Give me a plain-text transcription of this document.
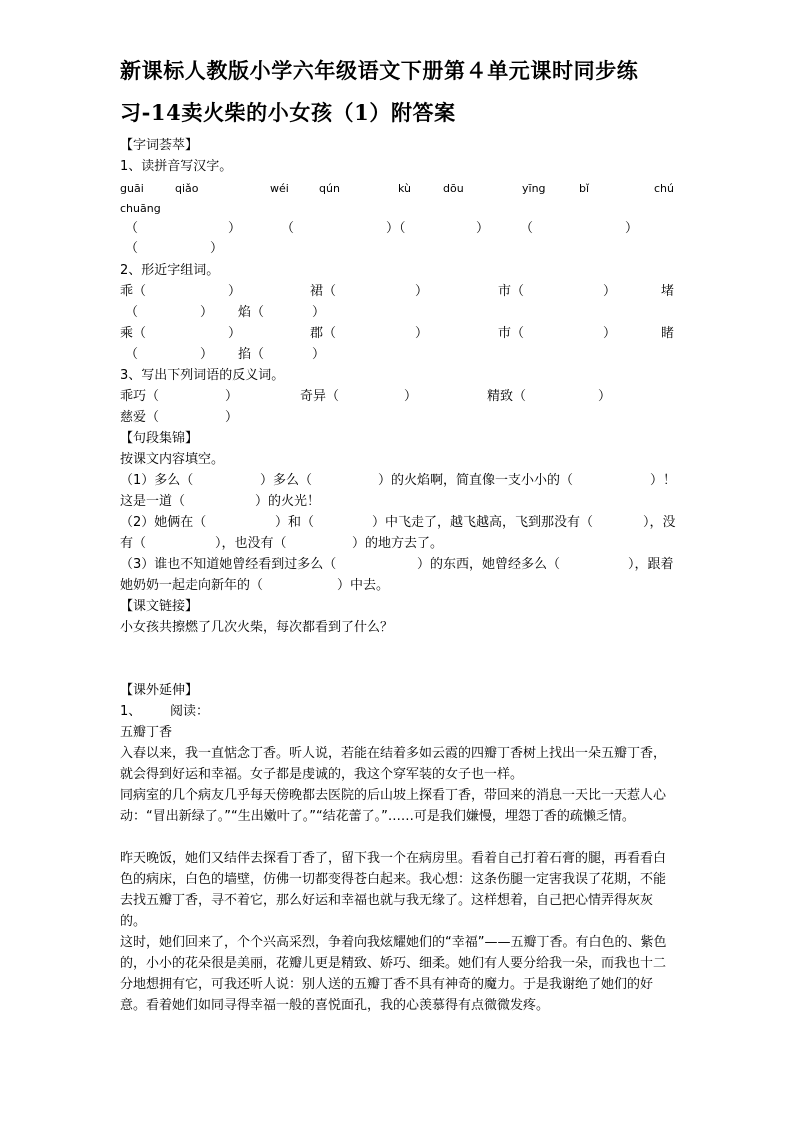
新课标人教版小学六年级语文下册第４单元课时同步练
习-14卖火柴的小女孩（1）附答案
【字词荟萃】
1、读拼音写汉字。
guāi	qiǎo	wéi	qún	kù	dōu	yīng	bǐ	chú
chuāng
（	）	（	）（	） （	）
（	）
2、形近字组词。
乖（	）	裙（	）	市（	）	堵
（	） 焰（	）
乘（	）	郡（	）	巿（	）	睹
（	） 掐（	）
3、写出下列词语的反义词。
乖巧（	）	奇异（	）	精致（	）
慈爱（	）
【句段集锦】
按课文内容填空。
（1）多么（	）多么（	）的火焰啊，简直像一支小小的（	）！
这是一道（	）的火光！
（2）她俩在（	）和（	）中飞走了，越飞越高，飞到那没有（	），没
有（	），也没有（	）的地方去了。
（3）谁也不知道她曾经看到过多么（	）的东西，她曾经多么（	），跟着
她奶奶一起走向新年的（	）中去。
【课文链接】
小女孩共擦燃了几次火柴，每次都看到了什么？
【课外延伸】
1、 阅读：
五瓣丁香
入春以来，我一直惦念丁香。听人说，若能在结着多如云霞的四瓣丁香树上找出一朵五瓣丁香，就会得到好运和幸福。女子都是虔诚的，我这个穿军装的女子也一样。
同病室的几个病友几乎每天傍晚都去医院的后山坡上探看丁香，带回来的消息一天比一天惹人心动：“冒出新绿了。”“生出嫩叶了。”“结花蕾了。”……可是我们嫌慢，埋怨丁香的疏懒乏情。
昨天晚饭，她们又结伴去探看丁香了，留下我一个在病房里。看着自己打着石膏的腿，再看看白色的病床，白色的墙壁，仿佛一切都变得苍白起来。我心想：这条伤腿一定害我误了花期，不能去找五瓣丁香，寻不着它，那么好运和幸福也就与我无缘了。这样想着，自己把心情弄得灰灰的。
这时，她们回来了，个个兴高采烈，争着向我炫耀她们的“幸福”——五瓣丁香。有白色的、紫色的，小小的花朵很是美丽，花瓣儿更是精致、娇巧、细柔。她们有人要分给我一朵，而我也十二分地想拥有它，可我还听人说：别人送的五瓣丁香不具有神奇的魔力。于是我谢绝了她们的好意。看着她们如同寻得幸福一般的喜悦面孔，我的心羡慕得有点微微发疼。
